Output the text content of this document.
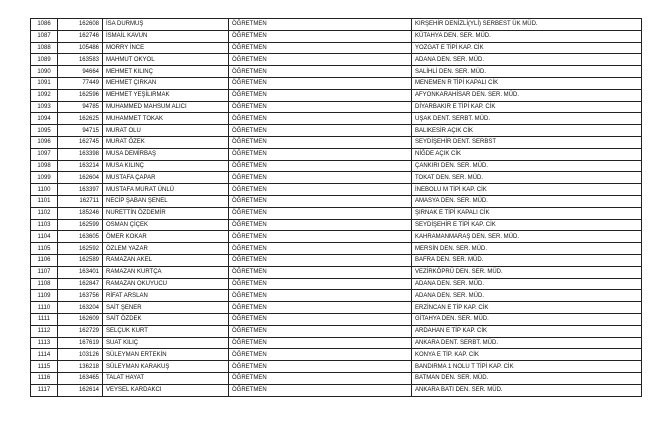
1086	162608	İSA DURMUŞ	ÖĞRETMEN	KIRŞEHİR DENİZLİ(YLİ) SERBEST ÜK MÜD.
1087	162746	İSMAİL KAVUN	ÖĞRETMEN	KÜTAHYA DEN. SER. MÜD.
1088	105486	MORRY İNCE	ÖĞRETMEN	YOZGAT E TİPİ KAP. CİK
1089	163583	MAHMUT OKYOL	ÖĞRETMEN	ADANA DEN. SER. MÜD.
1090	94664	MEHMET KILINÇ	ÖĞRETMEN	SALİHLİ DEN. SER. MÜD.
1091	77449	MEHMET ÇIRKAN	ÖĞRETMEN	MENEMEN R TİPİ KAPALI CİK
1092	162596	MEHMET YEŞİLIRMAK	ÖĞRETMEN	AFYONKARAHİSAR DEN. SER. MÜD.
1093	94785	MUHAMMED MAHSUM ALICI	ÖĞRETMEN	DİYARBAKIR E TİPİ KAP. CİK
1094	162625	MUHAMMET TOKAK	ÖĞRETMEN	UŞAK DENT. SERBT. MÜD.
1095	94715	MURAT OLU	ÖĞRETMEN	BALIKESİR AÇIK CİK
1096	162745	MURAT ÖZEK	ÖĞRETMEN	SEYDİŞEHİR DENT. SERBST
1097	163398	MUSA DEMİRBAŞ	ÖĞRETMEN	NİĞDE AÇIK CİK
1098	163214	MUSA KILINÇ	ÖĞRETMEN	ÇANKIRI DEN. SER. MÜD.
1099	162604	MUSTAFA ÇAPAR	ÖĞRETMEN	TOKAT DEN. SER. MÜD.
1100	163397	MUSTAFA MURAT ÜNLÜ	ÖĞRETMEN	İNEBOLU M TİPİ KAP. CİK
1101	162711	NECİP ŞABAN ŞENEL	ÖĞRETMEN	AMASYA DEN. SER. MÜD.
1102	185246	NURETTİN ÖZDEMİR	ÖĞRETMEN	ŞIRNAK E TİPİ KAPALI CİK
1103	162599	OSMAN ÇİÇEK	ÖĞRETMEN	SEYDİŞEHİR E TİPİ KAP. CİK
1104	163605	ÖMER KOKAR	ÖĞRETMEN	KAHRAMANMARAŞ DEN. SER. MÜD.
1105	162592	ÖZLEM YAZAR	ÖĞRETMEN	MERSİN DEN. SER. MÜD.
1106	162589	RAMAZAN AKEL	ÖĞRETMEN	BAFRA DEN. SER. MÜD.
1107	163401	RAMAZAN KURTÇA	ÖĞRETMEN	VEZİRKÖPRÜ DEN. SER. MÜD.
1108	162847	RAMAZAN OKUYUCU	ÖĞRETMEN	ADANA DEN. SER. MÜD.
1109	163756	RİFAT ARSLAN	ÖĞRETMEN	ADANA DEN. SER. MÜD.
1110	163204	SAİT ŞENER	ÖĞRETMEN	ERZİNCAN E TİP KAP. CİK
1111	162609	SAİT ÖZDEK	ÖĞRETMEN	GİTAHYA DEN. SER. MÜD.
1112	162729	SELÇUK KURT	ÖĞRETMEN	ARDAHAN E TİP KAP. CİK
1113	167619	SUAT KILIÇ	ÖĞRETMEN	ANKARA DENT. SERBT. MÜD.
1114	103126	SÜLEYMAN ERTEKİN	ÖĞRETMEN	KONYA E TİP. KAP. CİK
1115	136218	SÜLEYMAN KARAKUŞ	ÖĞRETMEN	BANDIRMA 1 NOLU T TİPİ KAP. CİK
1116	163465	TALAT HAYAT	ÖĞRETMEN	BATMAN DEN. SER. MÜD.
1117	162614	VEYSEL KARDAKCI	ÖĞRETMEN	ANKARA BATI DEN. SER. MÜD.
